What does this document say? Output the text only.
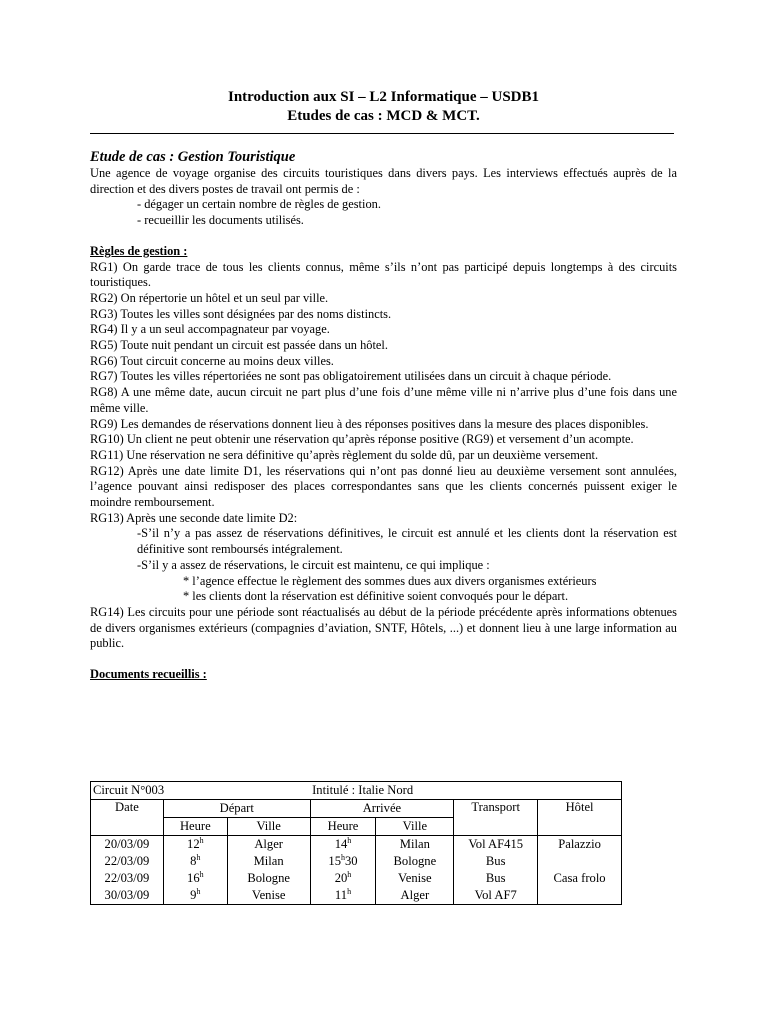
Introduction aux SI – L2 Informatique – USDB1
Etudes de cas : MCD & MCT.

Etude de cas : Gestion Touristique

Une agence de voyage organise des circuits touristiques dans divers pays. Les interviews effectués auprès de la direction et des divers postes de travail ont permis de :

- dégager un certain nombre de règles de gestion.

- recueillir les documents utilisés.

Règles de gestion :

RG1) On garde trace de tous les clients connus, même s’ils n’ont pas participé depuis longtemps à des circuits touristiques.

RG2) On répertorie un hôtel et un seul par ville.

RG3) Toutes les villes sont désignées par des noms distincts.

RG4) Il y a un seul accompagnateur par voyage.

RG5) Toute nuit pendant un circuit est passée dans un hôtel.

RG6) Tout circuit concerne au moins deux villes.

RG7) Toutes les villes répertoriées ne sont pas obligatoirement utilisées dans un circuit à chaque période.

RG8) A une même date, aucun circuit ne part plus d’une fois d’une même ville ni n’arrive plus d’une fois dans une même ville.

RG9) Les demandes de réservations donnent lieu à des réponses positives dans la mesure des places disponibles.

RG10) Un client ne peut obtenir une réservation qu’après réponse positive (RG9) et versement d’un acompte.

RG11) Une réservation ne sera définitive qu’après règlement du solde dû, par un deuxième versement.

RG12) Après une date limite D1, les réservations qui n’ont pas donné lieu au deuxième versement sont annulées, l’agence pouvant ainsi redisposer des places correspondantes sans que les clients concernés puissent exiger le moindre remboursement.

RG13) Après une seconde date limite D2:

-S’il n’y a pas assez de réservations définitives, le circuit est annulé et les clients dont la réservation est définitive sont remboursés intégralement.

-S’il y a assez de réservations, le circuit est maintenu, ce qui implique :

* l’agence effectue le règlement des sommes dues aux divers organismes extérieurs

* les clients dont la réservation est définitive soient convoqués pour le départ.

RG14) Les circuits pour une période sont réactualisés au début de la période précédente après informations obtenues de divers organismes extérieurs (compagnies d’aviation, SNTF, Hôtels, ...) et donnent lieu à une large information au public.

Documents recueillis :

Circuit N°003			Intitulé : Italie Nord			
Date	Départ		Arrivée		Transport	Hôtel
	Heure	Ville	Heure	Ville		
20/03/09	12$^h$	Alger	14$^h$	Milan	Vol AF415	Palazzio
22/03/09	8$^h$	Milan	15$^h$30	Bologne	Bus	
22/03/09	16$^h$	Bologne	20$^h$	Venise	Bus	Casa frolo
30/03/09	9$^h$	Venise	11$^h$	Alger	Vol AF7	
